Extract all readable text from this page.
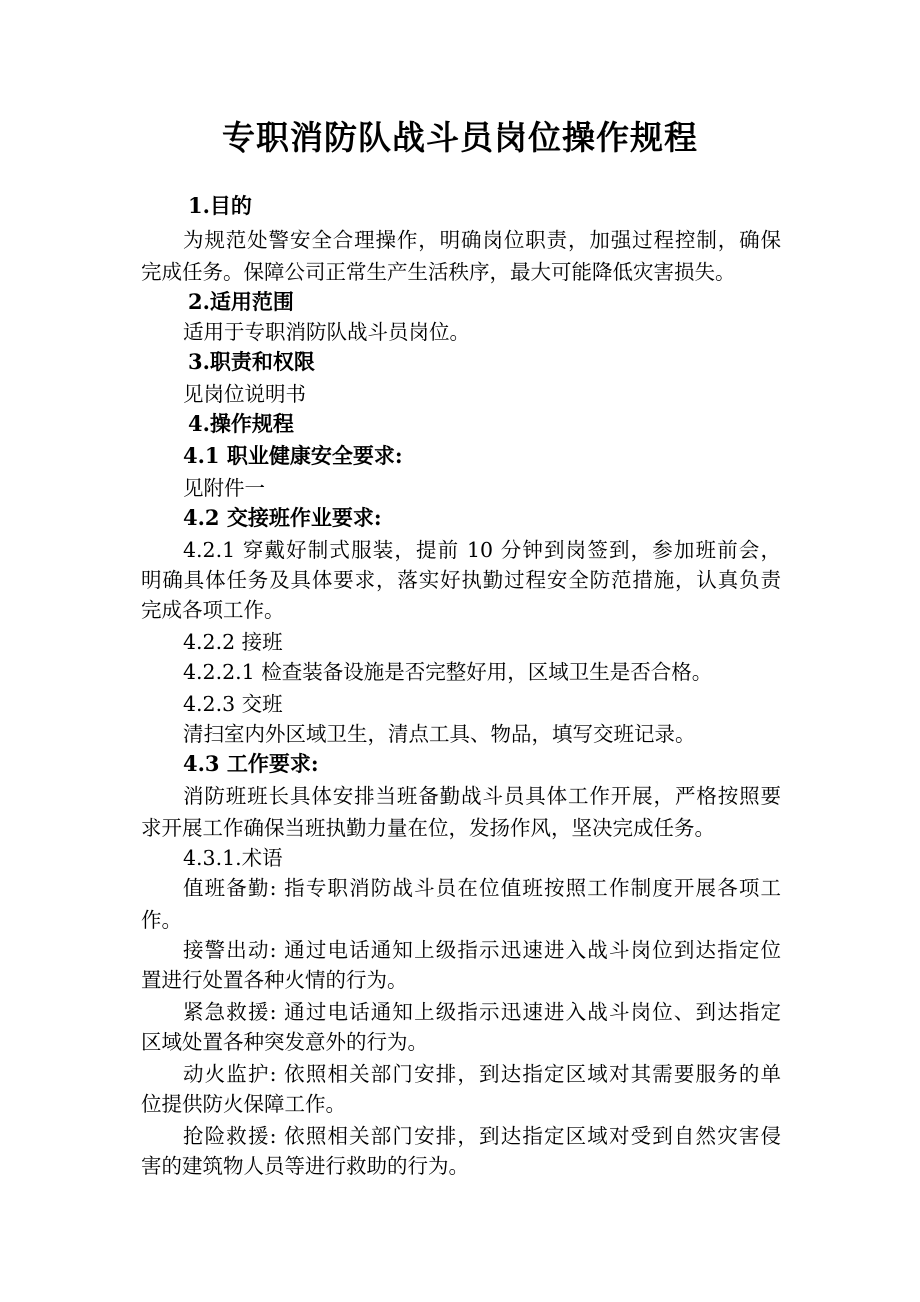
专职消防队战斗员岗位操作规程
1.目的
为规范处警安全合理操作，明确岗位职责，加强过程控制，确保
完成任务。保障公司正常生产生活秩序，最大可能降低灾害损失。
2.适用范围
适用于专职消防队战斗员岗位。
3.职责和权限
见岗位说明书
4.操作规程
4.1 职业健康安全要求:
见附件一
4.2 交接班作业要求:
4.2.1 穿戴好制式服装，提前 10 分钟到岗签到，参加班前会，
明确具体任务及具体要求，落实好执勤过程安全防范措施，认真负责
完成各项工作。
4.2.2 接班
4.2.2.1 检查装备设施是否完整好用，区域卫生是否合格。
4.2.3 交班
清扫室内外区域卫生，清点工具、物品，填写交班记录。
4.3 工作要求:
消防班班长具体安排当班备勤战斗员具体工作开展，严格按照要
求开展工作确保当班执勤力量在位，发扬作风，坚决完成任务。
4.3.1.术语
值班备勤: 指专职消防战斗员在位值班按照工作制度开展各项工
作。
接警出动: 通过电话通知上级指示迅速进入战斗岗位到达指定位
置进行处置各种火情的行为。
紧急救援: 通过电话通知上级指示迅速进入战斗岗位、到达指定
区域处置各种突发意外的行为。
动火监护: 依照相关部门安排，到达指定区域对其需要服务的单
位提供防火保障工作。
抢险救援: 依照相关部门安排，到达指定区域对受到自然灾害侵
害的建筑物人员等进行救助的行为。
